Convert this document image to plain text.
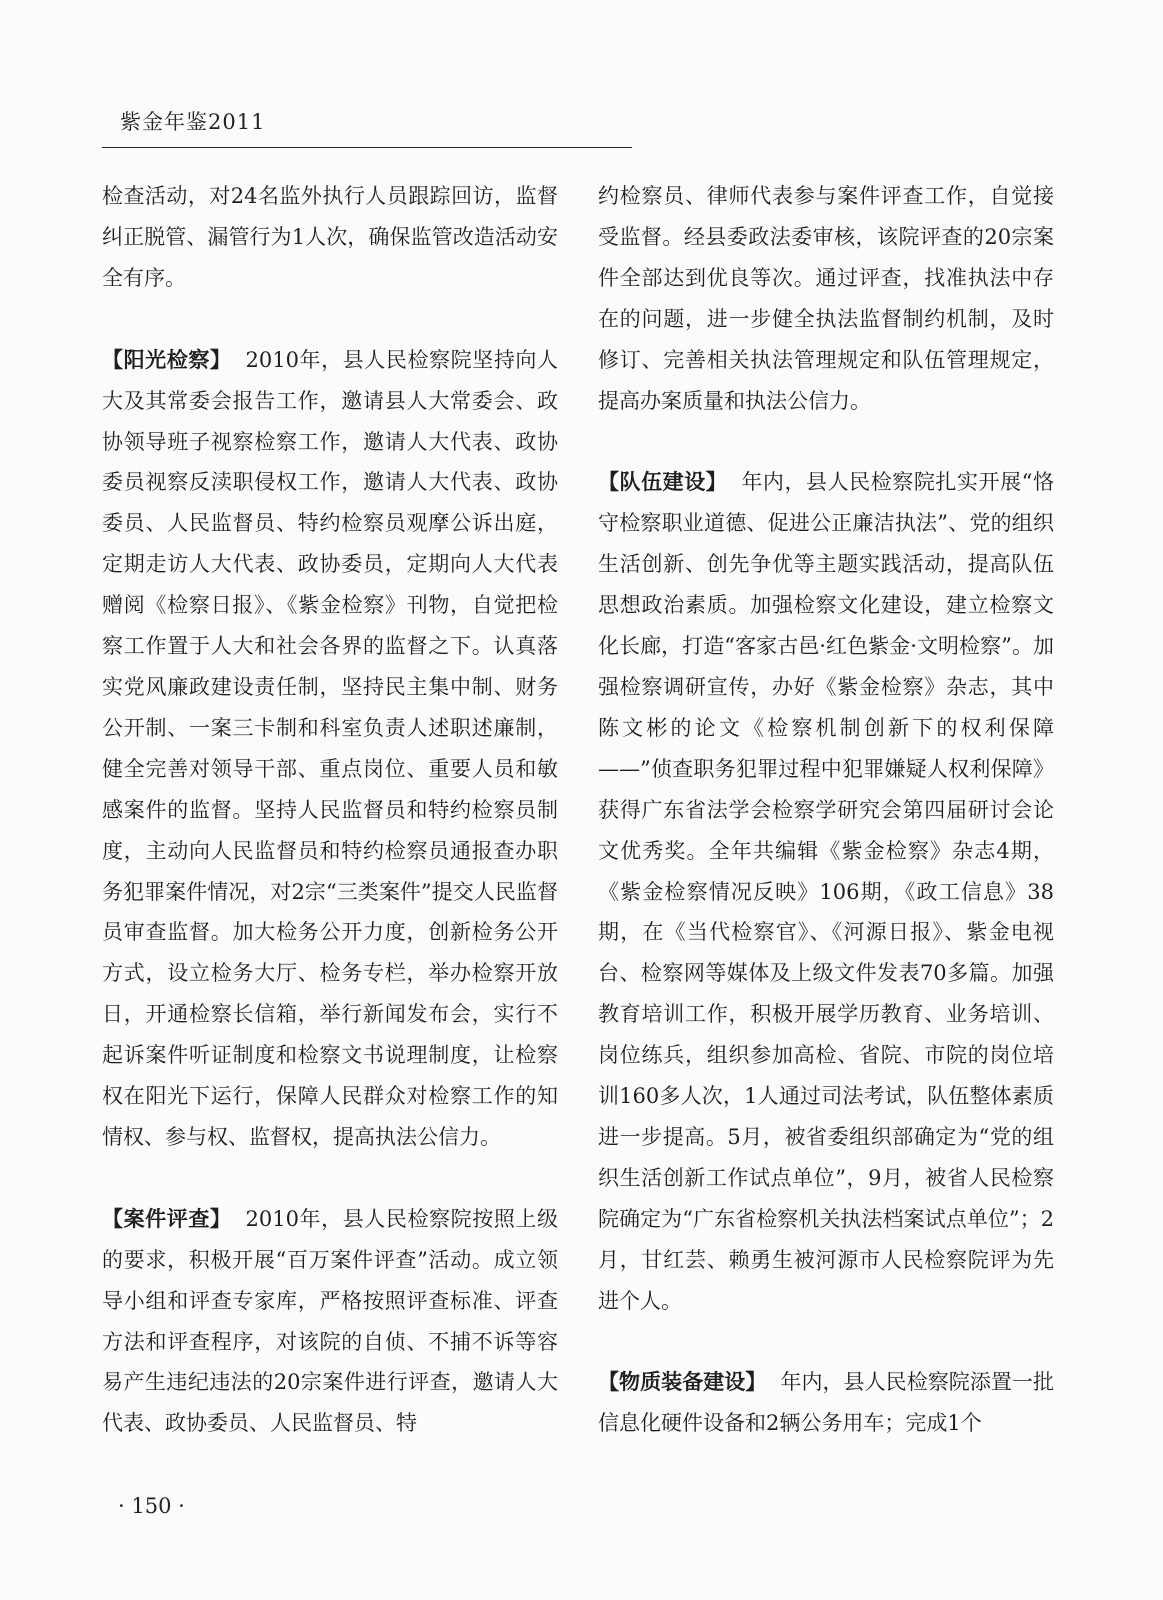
紫金年鉴2011

检查活动，对24名监外执行人员跟踪回访，监督纠正脱管、漏管行为1人次，确保监管改造活动安全有序。

【阳光检察】 2010年，县人民检察院坚持向人大及其常委会报告工作，邀请县人大常委会、政协领导班子视察检察工作，邀请人大代表、政协委员视察反渎职侵权工作，邀请人大代表、政协委员、人民监督员、特约检察员观摩公诉出庭，定期走访人大代表、政协委员，定期向人大代表赠阅《检察日报》、《紫金检察》刊物，自觉把检察工作置于人大和社会各界的监督之下。认真落实党风廉政建设责任制，坚持民主集中制、财务公开制、一案三卡制和科室负责人述职述廉制，健全完善对领导干部、重点岗位、重要人员和敏感案件的监督。坚持人民监督员和特约检察员制度，主动向人民监督员和特约检察员通报查办职务犯罪案件情况，对2宗“三类案件”提交人民监督员审查监督。加大检务公开力度，创新检务公开方式，设立检务大厅、检务专栏，举办检察开放日，开通检察长信箱，举行新闻发布会，实行不起诉案件听证制度和检察文书说理制度，让检察权在阳光下运行，保障人民群众对检察工作的知情权、参与权、监督权，提高执法公信力。

【案件评查】 2010年，县人民检察院按照上级的要求，积极开展“百万案件评查”活动。成立领导小组和评查专家库，严格按照评查标准、评查方法和评查程序，对该院的自侦、不捕不诉等容易产生违纪违法的20宗案件进行评查，邀请人大代表、政协委员、人民监督员、特

约检察员、律师代表参与案件评查工作，自觉接受监督。经县委政法委审核，该院评查的20宗案件全部达到优良等次。通过评查，找准执法中存在的问题，进一步健全执法监督制约机制，及时修订、完善相关执法管理规定和队伍管理规定，提高办案质量和执法公信力。

【队伍建设】 年内，县人民检察院扎实开展“恪守检察职业道德、促进公正廉洁执法”、党的组织生活创新、创先争优等主题实践活动，提高队伍思想政治素质。加强检察文化建设，建立检察文化长廊，打造“客家古邑·红色紫金·文明检察”。加强检察调研宣传，办好《紫金检察》杂志，其中陈文彬的论文《检察机制创新下的权利保障——”侦查职务犯罪过程中犯罪嫌疑人权利保障》获得广东省法学会检察学研究会第四届研讨会论文优秀奖。全年共编辑《紫金检察》杂志4期，《紫金检察情况反映》106期，《政工信息》38期，在《当代检察官》、《河源日报》、紫金电视台、检察网等媒体及上级文件发表70多篇。加强教育培训工作，积极开展学历教育、业务培训、岗位练兵，组织参加高检、省院、市院的岗位培训160多人次，1人通过司法考试，队伍整体素质进一步提高。5月，被省委组织部确定为“党的组织生活创新工作试点单位”，9月，被省人民检察院确定为“广东省检察机关执法档案试点单位”；2月，甘红芸、赖勇生被河源市人民检察院评为先进个人。

【物质装备建设】 年内，县人民检察院添置一批信息化硬件设备和2辆公务用车；完成1个

· 150 ·
